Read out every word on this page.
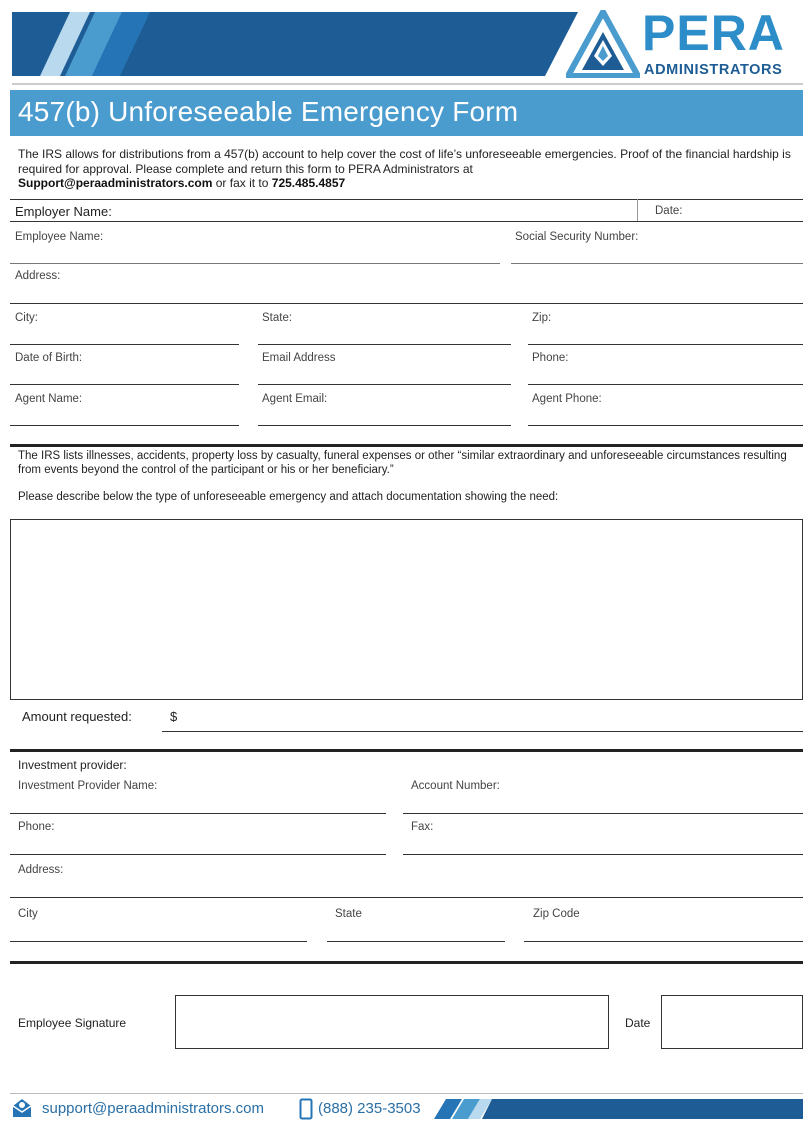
PERA
ADMINISTRATORS
457(b) Unforeseeable Emergency Form
The IRS allows for distributions from a 457(b) account to help cover the cost of life’s unforeseeable emergencies. Proof of the financial hardship is required for approval. Please complete and return this form to PERA Administrators at
Support@peraadministrators.com or fax it to 725.485.4857
Employer Name:	Date:
Employee Name:	Social Security Number:
Address:
City:	State:	Zip:
Date of Birth:	Email Address	Phone:
Agent Name:	Agent Email:	Agent Phone:
The IRS lists illnesses, accidents, property loss by casualty, funeral expenses or other “similar extraordinary and unforeseeable circumstances resulting from events beyond the control of the participant or his or her beneficiary.”
Please describe below the type of unforeseeable emergency and attach documentation showing the need:
Amount requested:	$
Investment provider:
Investment Provider Name:	Account Number:
Phone:	Fax:
Address:
City	State	Zip Code
Employee Signature	Date
support@peraadministrators.com	(888) 235-3503
